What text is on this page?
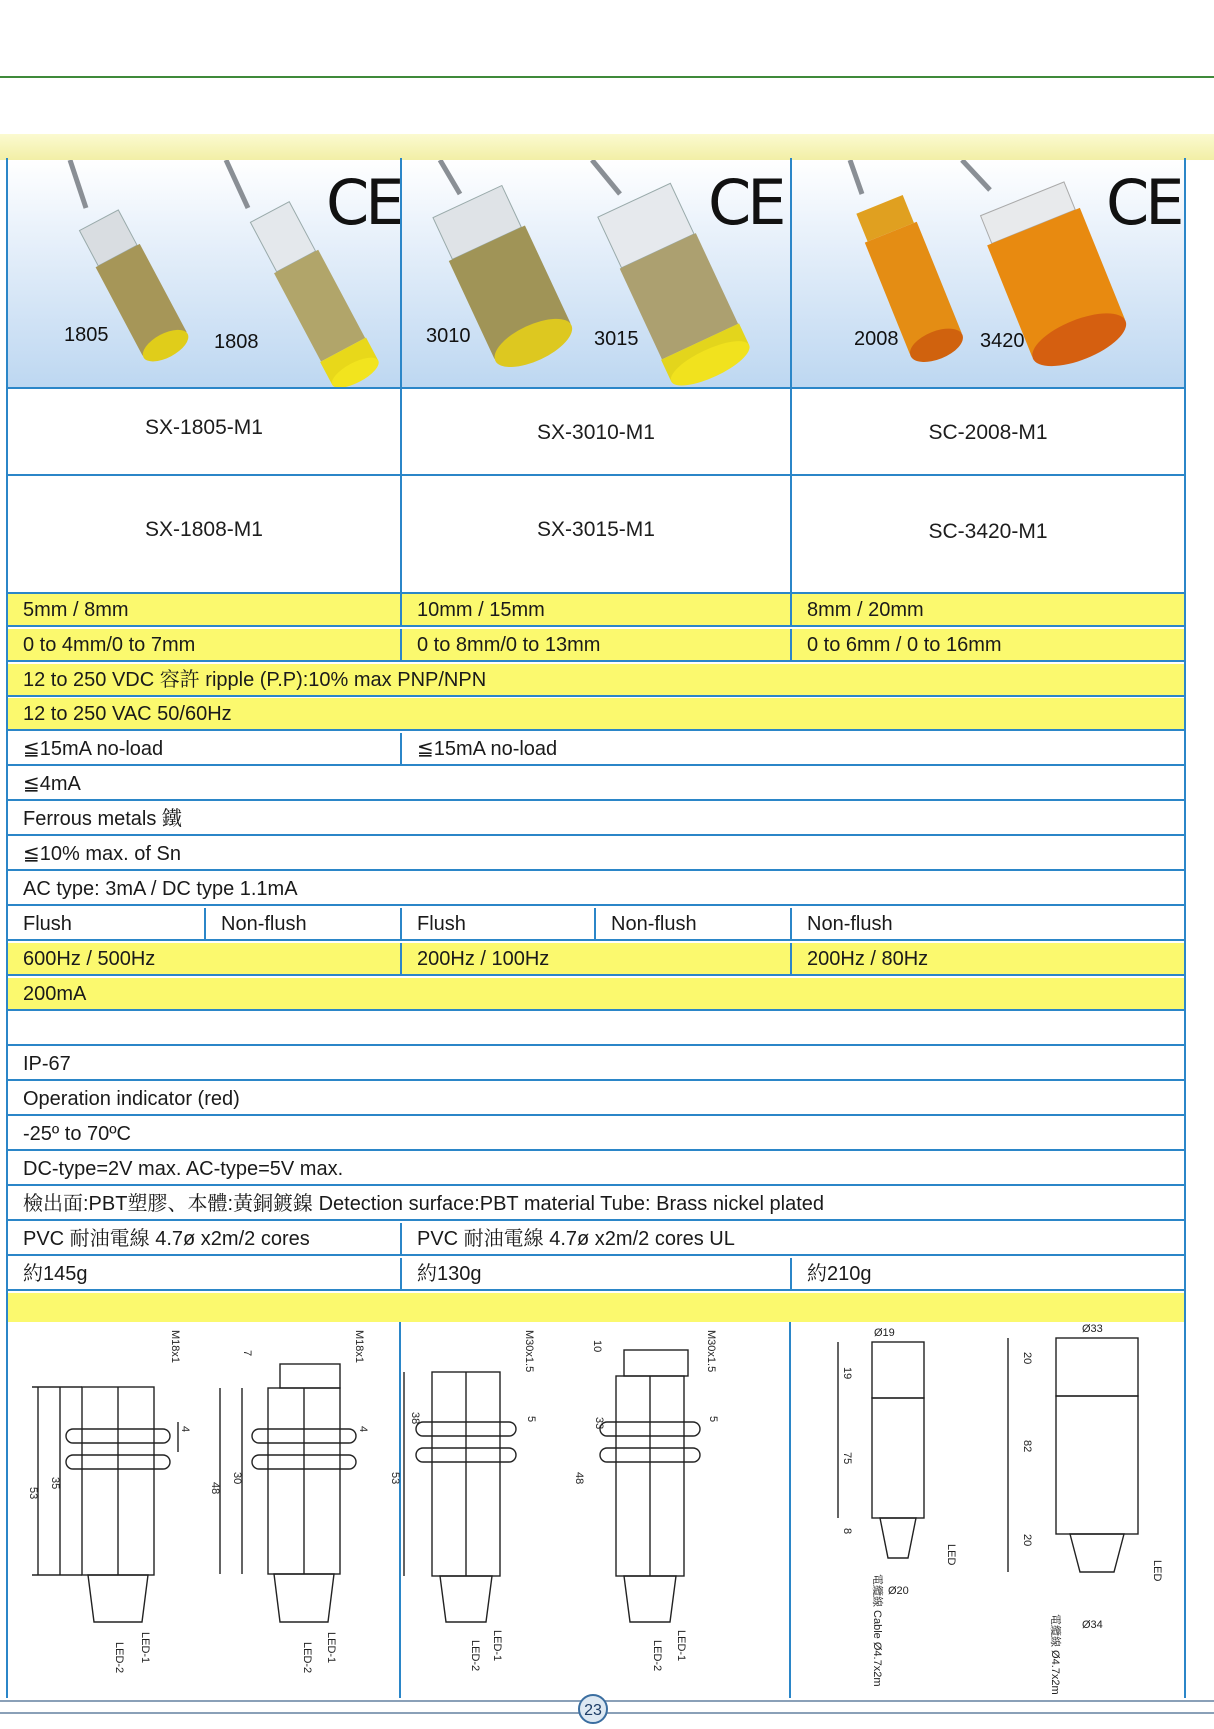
1805	1808
CE
3010	3015
CE
2008	3420
CE
SX-1805-M1	SX-3010-M1	SC-2008-M1
SX-1808-M1	SX-3015-M1	SC-3420-M1
5mm / 8mm	10mm / 15mm	8mm / 20mm
0 to 4mm/0 to 7mm	0 to 8mm/0 to 13mm	0 to 6mm / 0 to 16mm
12 to 250 VDC 容許 ripple (P.P):10% max PNP/NPN
12 to 250 VAC 50/60Hz
≦15mA no-load	≦15mA no-load
≦4mA
Ferrous metals 鐵
≦10% max. of Sn
AC type: 3mA / DC type 1.1mA
Flush	Non-flush	Flush	Non-flush	Non-flush
600Hz / 500Hz	200Hz / 100Hz	200Hz / 80Hz
200mA
IP-67
Operation indicator (red)
-25º to 70ºC
DC-type=2V max. AC-type=5V max.
檢出面:PBT塑膠、本體:黃銅鍍鎳 Detection surface:PBT material Tube: Brass nickel plated
PVC 耐油電線 4.7ø x2m/2 cores	PVC 耐油電線 4.7ø x2m/2 cores UL
約145g	約130g	約210g
53
35
4
M18x1
LED-2 LED-1
7
48
30
4
M18x1
LED-2 LED-1
53
38	5
M30x1.5
LED-2 LED-1
10
48
33	5
M30x1.5
LED-2 LED-1
Ø19
19
75
8
Ø20
LED
電纜線 Cable Ø4.7x2m
Ø33
20
82
20
Ø34
LED
電纜線 Ø4.7x2m
23
